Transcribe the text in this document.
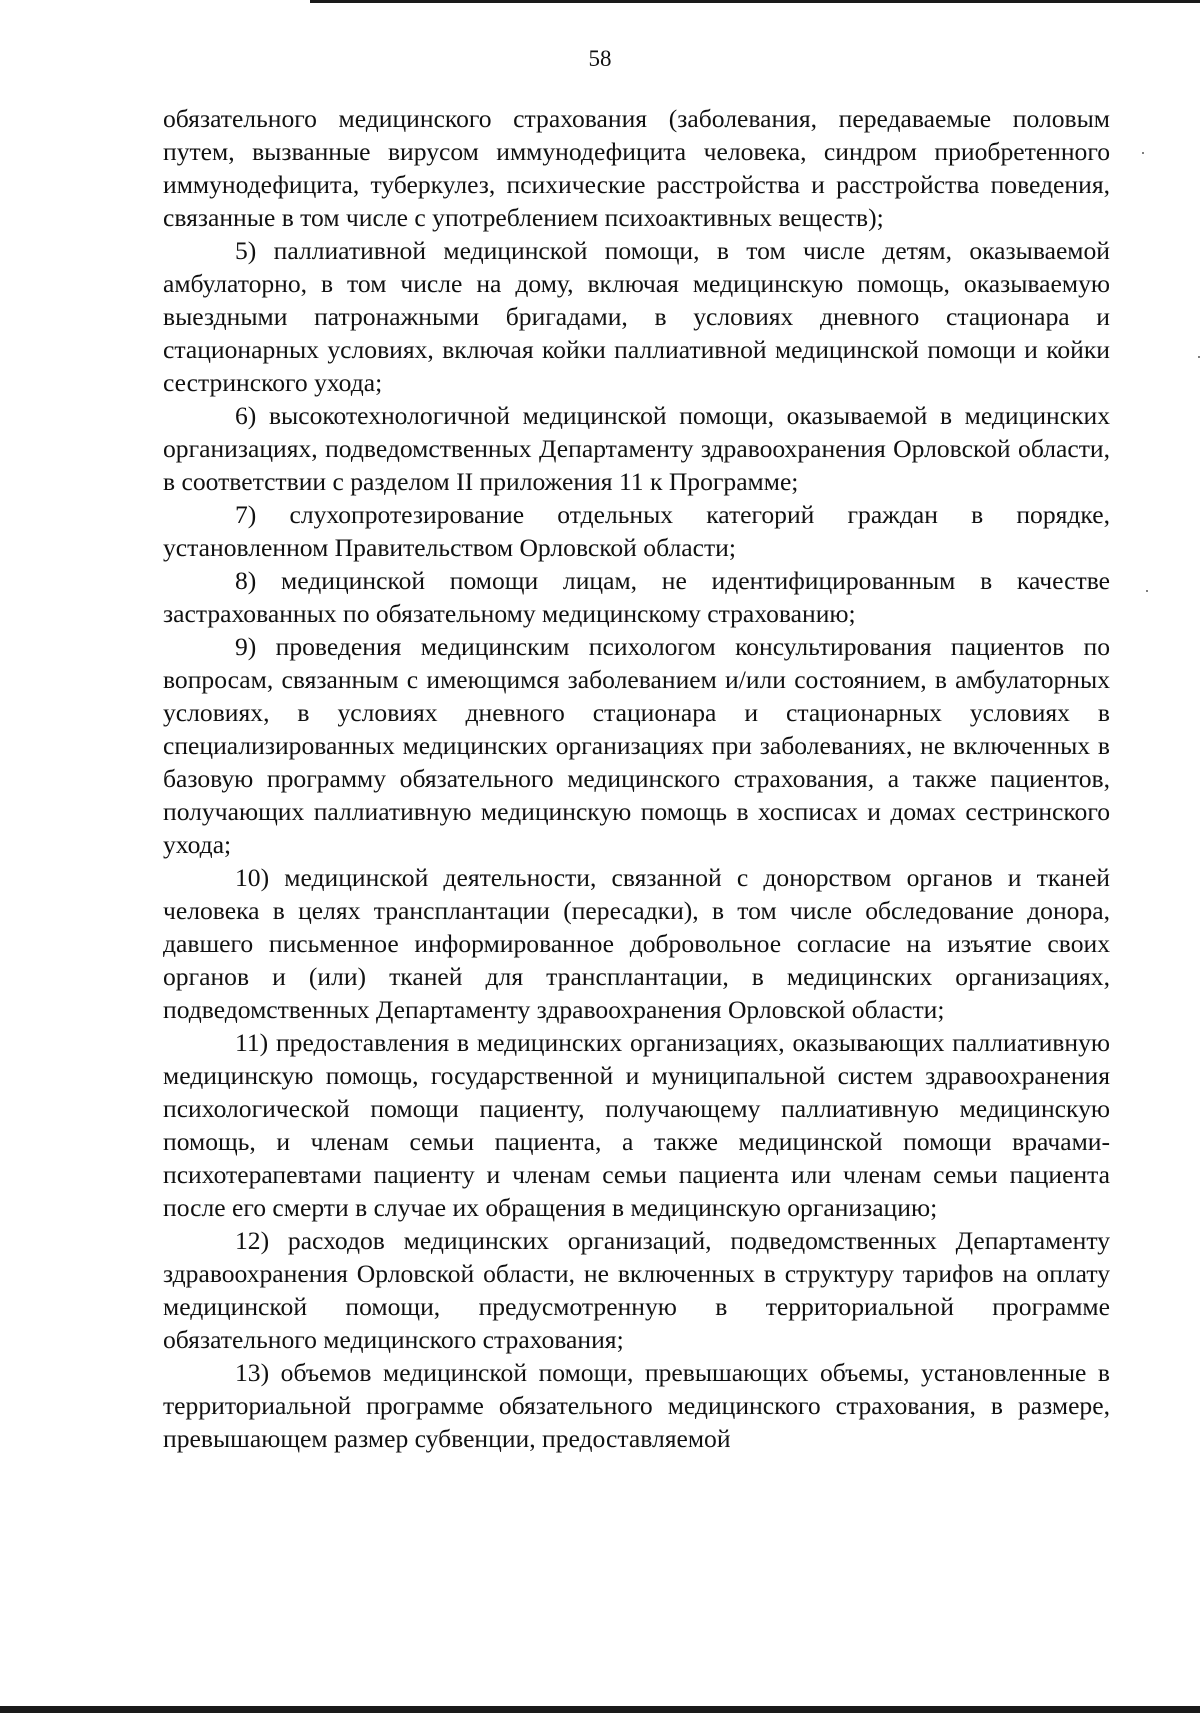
58

обязательного медицинского страхования (заболевания, передаваемые половым путем, вызванные вирусом иммунодефицита человека, синдром приобретенного иммунодефицита, туберкулез, психические расстройства и расстройства поведения, связанные в том числе с употреблением психоактивных веществ);

5) паллиативной медицинской помощи, в том числе детям, оказываемой амбулаторно, в том числе на дому, включая медицинскую помощь, оказываемую выездными патронажными бригадами, в условиях дневного стационара и стационарных условиях, включая койки паллиативной медицинской помощи и койки сестринского ухода;

6) высокотехнологичной медицинской помощи, оказываемой в медицинских организациях, подведомственных Департаменту здравоохранения Орловской области, в соответствии с разделом II приложения 11 к Программе;

7) слухопротезирование отдельных категорий граждан в порядке, установленном Правительством Орловской области;

8) медицинской помощи лицам, не идентифицированным в качестве застрахованных по обязательному медицинскому страхованию;

9) проведения медицинским психологом консультирования пациентов по вопросам, связанным с имеющимся заболеванием и/или состоянием, в амбулаторных условиях, в условиях дневного стационара и стационарных условиях в специализированных медицинских организациях при заболеваниях, не включенных в базовую программу обязательного медицинского страхования, а также пациентов, получающих паллиативную медицинскую помощь в хосписах и домах сестринского ухода;

10) медицинской деятельности, связанной с донорством органов и тканей человека в целях трансплантации (пересадки), в том числе обследование донора, давшего письменное информированное добровольное согласие на изъятие своих органов и (или) тканей для трансплантации, в медицинских организациях, подведомственных Департаменту здравоохранения Орловской области;

11) предоставления в медицинских организациях, оказывающих паллиативную медицинскую помощь, государственной и муниципальной систем здравоохранения психологической помощи пациенту, получающему паллиативную медицинскую помощь, и членам семьи пациента, а также медицинской помощи врачами-психотерапевтами пациенту и членам семьи пациента или членам семьи пациента после его смерти в случае их обращения в медицинскую организацию;

12) расходов медицинских организаций, подведомственных Департаменту здравоохранения Орловской области, не включенных в структуру тарифов на оплату медицинской помощи, предусмотренную в территориальной программе обязательного медицинского страхования;

13) объемов медицинской помощи, превышающих объемы, установленные в территориальной программе обязательного медицинского страхования, в размере, превышающем размер субвенции, предоставляемой
